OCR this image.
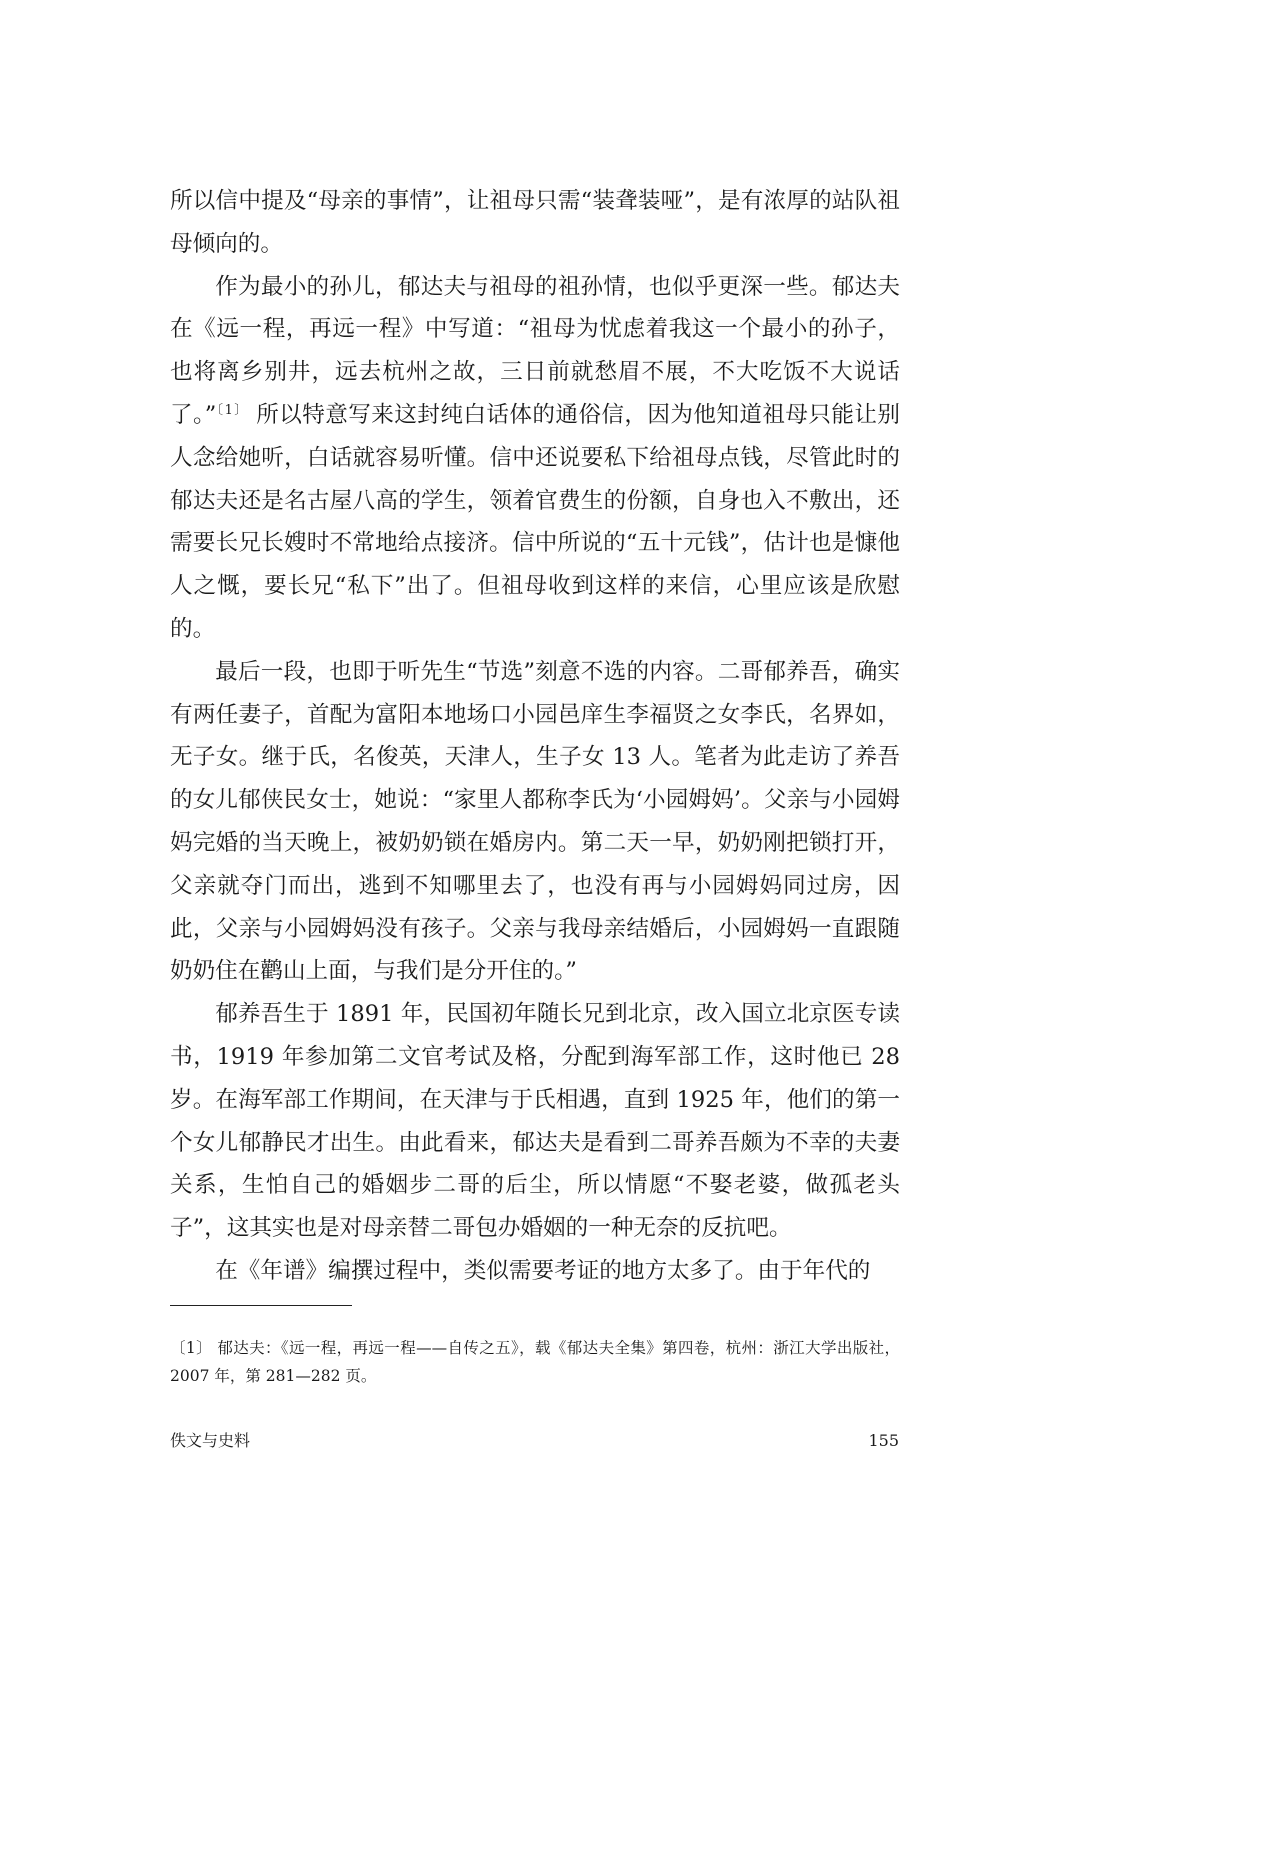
所以信中提及“母亲的事情”，让祖母只需“装聋装哑”，是有浓厚的站队祖母倾向的。

作为最小的孙儿，郁达夫与祖母的祖孙情，也似乎更深一些。郁达夫在《远一程，再远一程》中写道：“祖母为忧虑着我这一个最小的孙子，也将离乡别井，远去杭州之故，三日前就愁眉不展，不大吃饭不大说话了。”$^{〔1〕}$ 所以特意写来这封纯白话体的通俗信，因为他知道祖母只能让别人念给她听，白话就容易听懂。信中还说要私下给祖母点钱，尽管此时的郁达夫还是名古屋八高的学生，领着官费生的份额，自身也入不敷出，还需要长兄长嫂时不常地给点接济。信中所说的“五十元钱”，估计也是慷他人之慨，要长兄“私下”出了。但祖母收到这样的来信，心里应该是欣慰的。

最后一段，也即于听先生“节选”刻意不选的内容。二哥郁养吾，确实有两任妻子，首配为富阳本地场口小园邑庠生李福贤之女李氏，名界如，无子女。继于氏，名俊英，天津人，生子女 13 人。笔者为此走访了养吾的女儿郁侠民女士，她说：“家里人都称李氏为‘小园姆妈’。父亲与小园姆妈完婚的当天晚上，被奶奶锁在婚房内。第二天一早，奶奶刚把锁打开，父亲就夺门而出，逃到不知哪里去了，也没有再与小园姆妈同过房，因此，父亲与小园姆妈没有孩子。父亲与我母亲结婚后，小园姆妈一直跟随奶奶住在鹳山上面，与我们是分开住的。”

郁养吾生于 1891 年，民国初年随长兄到北京，改入国立北京医专读书，1919 年参加第二文官考试及格，分配到海军部工作，这时他已 28 岁。在海军部工作期间，在天津与于氏相遇，直到 1925 年，他们的第一个女儿郁静民才出生。由此看来，郁达夫是看到二哥养吾颇为不幸的夫妻关系，生怕自己的婚姻步二哥的后尘，所以情愿“不娶老婆，做孤老头子”，这其实也是对母亲替二哥包办婚姻的一种无奈的反抗吧。

在《年谱》编撰过程中，类似需要考证的地方太多了。由于年代的

〔1〕 郁达夫：《远一程，再远一程——自传之五》，载《郁达夫全集》第四卷，杭州：浙江大学出版社，2007 年，第 281—282 页。
佚文与史料	155
